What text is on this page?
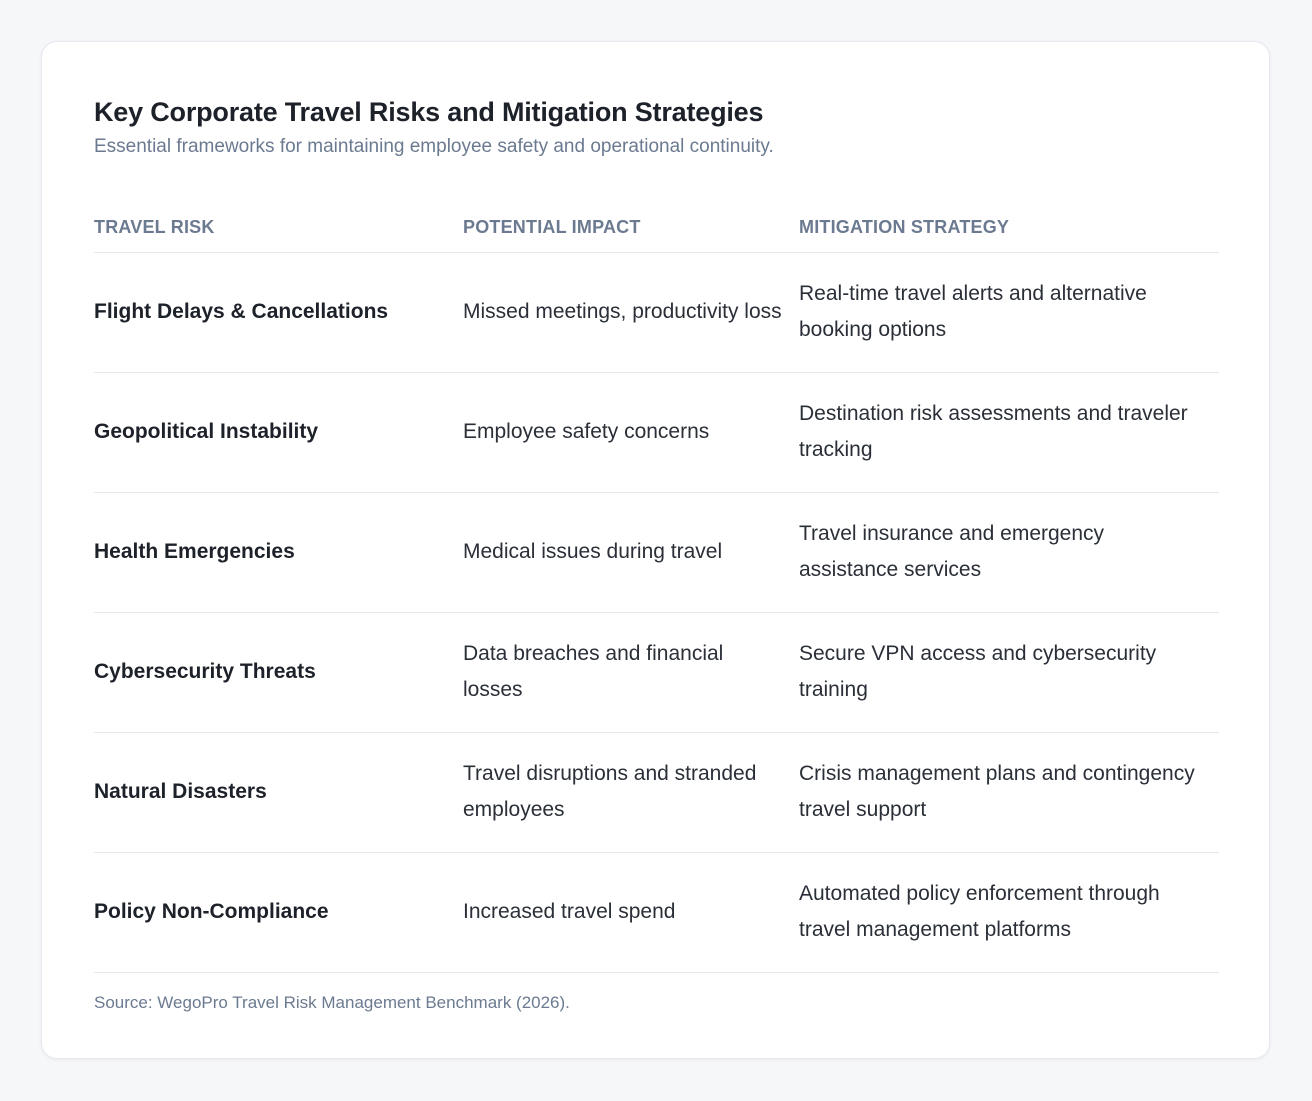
Key Corporate Travel Risks and Mitigation Strategies

Essential frameworks for maintaining employee safety and operational continuity.

TRAVEL RISK	POTENTIAL IMPACT	MITIGATION STRATEGY
Flight Delays & Cancellations	Missed meetings, productivity loss	Real-time travel alerts and alternative booking options
Geopolitical Instability	Employee safety concerns	Destination risk assessments and traveler tracking
Health Emergencies	Medical issues during travel	Travel insurance and emergency assistance services
Cybersecurity Threats	Data breaches and financial losses	Secure VPN access and cybersecurity training
Natural Disasters	Travel disruptions and stranded employees	Crisis management plans and contingency travel support
Policy Non-Compliance	Increased travel spend	Automated policy enforcement through travel management platforms

Source: WegoPro Travel Risk Management Benchmark (2026).
